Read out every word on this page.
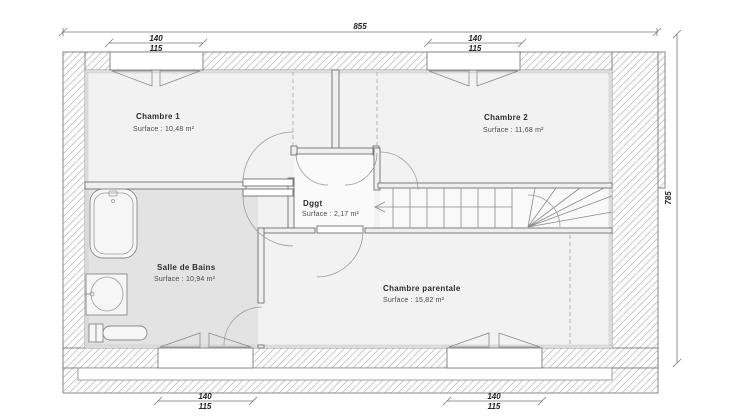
855
785
140
115
140
115
140
115
140
115
Chambre 1
Surface : 10,48 m²
Chambre 2
Surface : 11,68 m²
Dggt
Surface : 2,17 m²
Salle de Bains
Surface : 10,94 m²
Chambre parentale
Surface : 15,82 m²
